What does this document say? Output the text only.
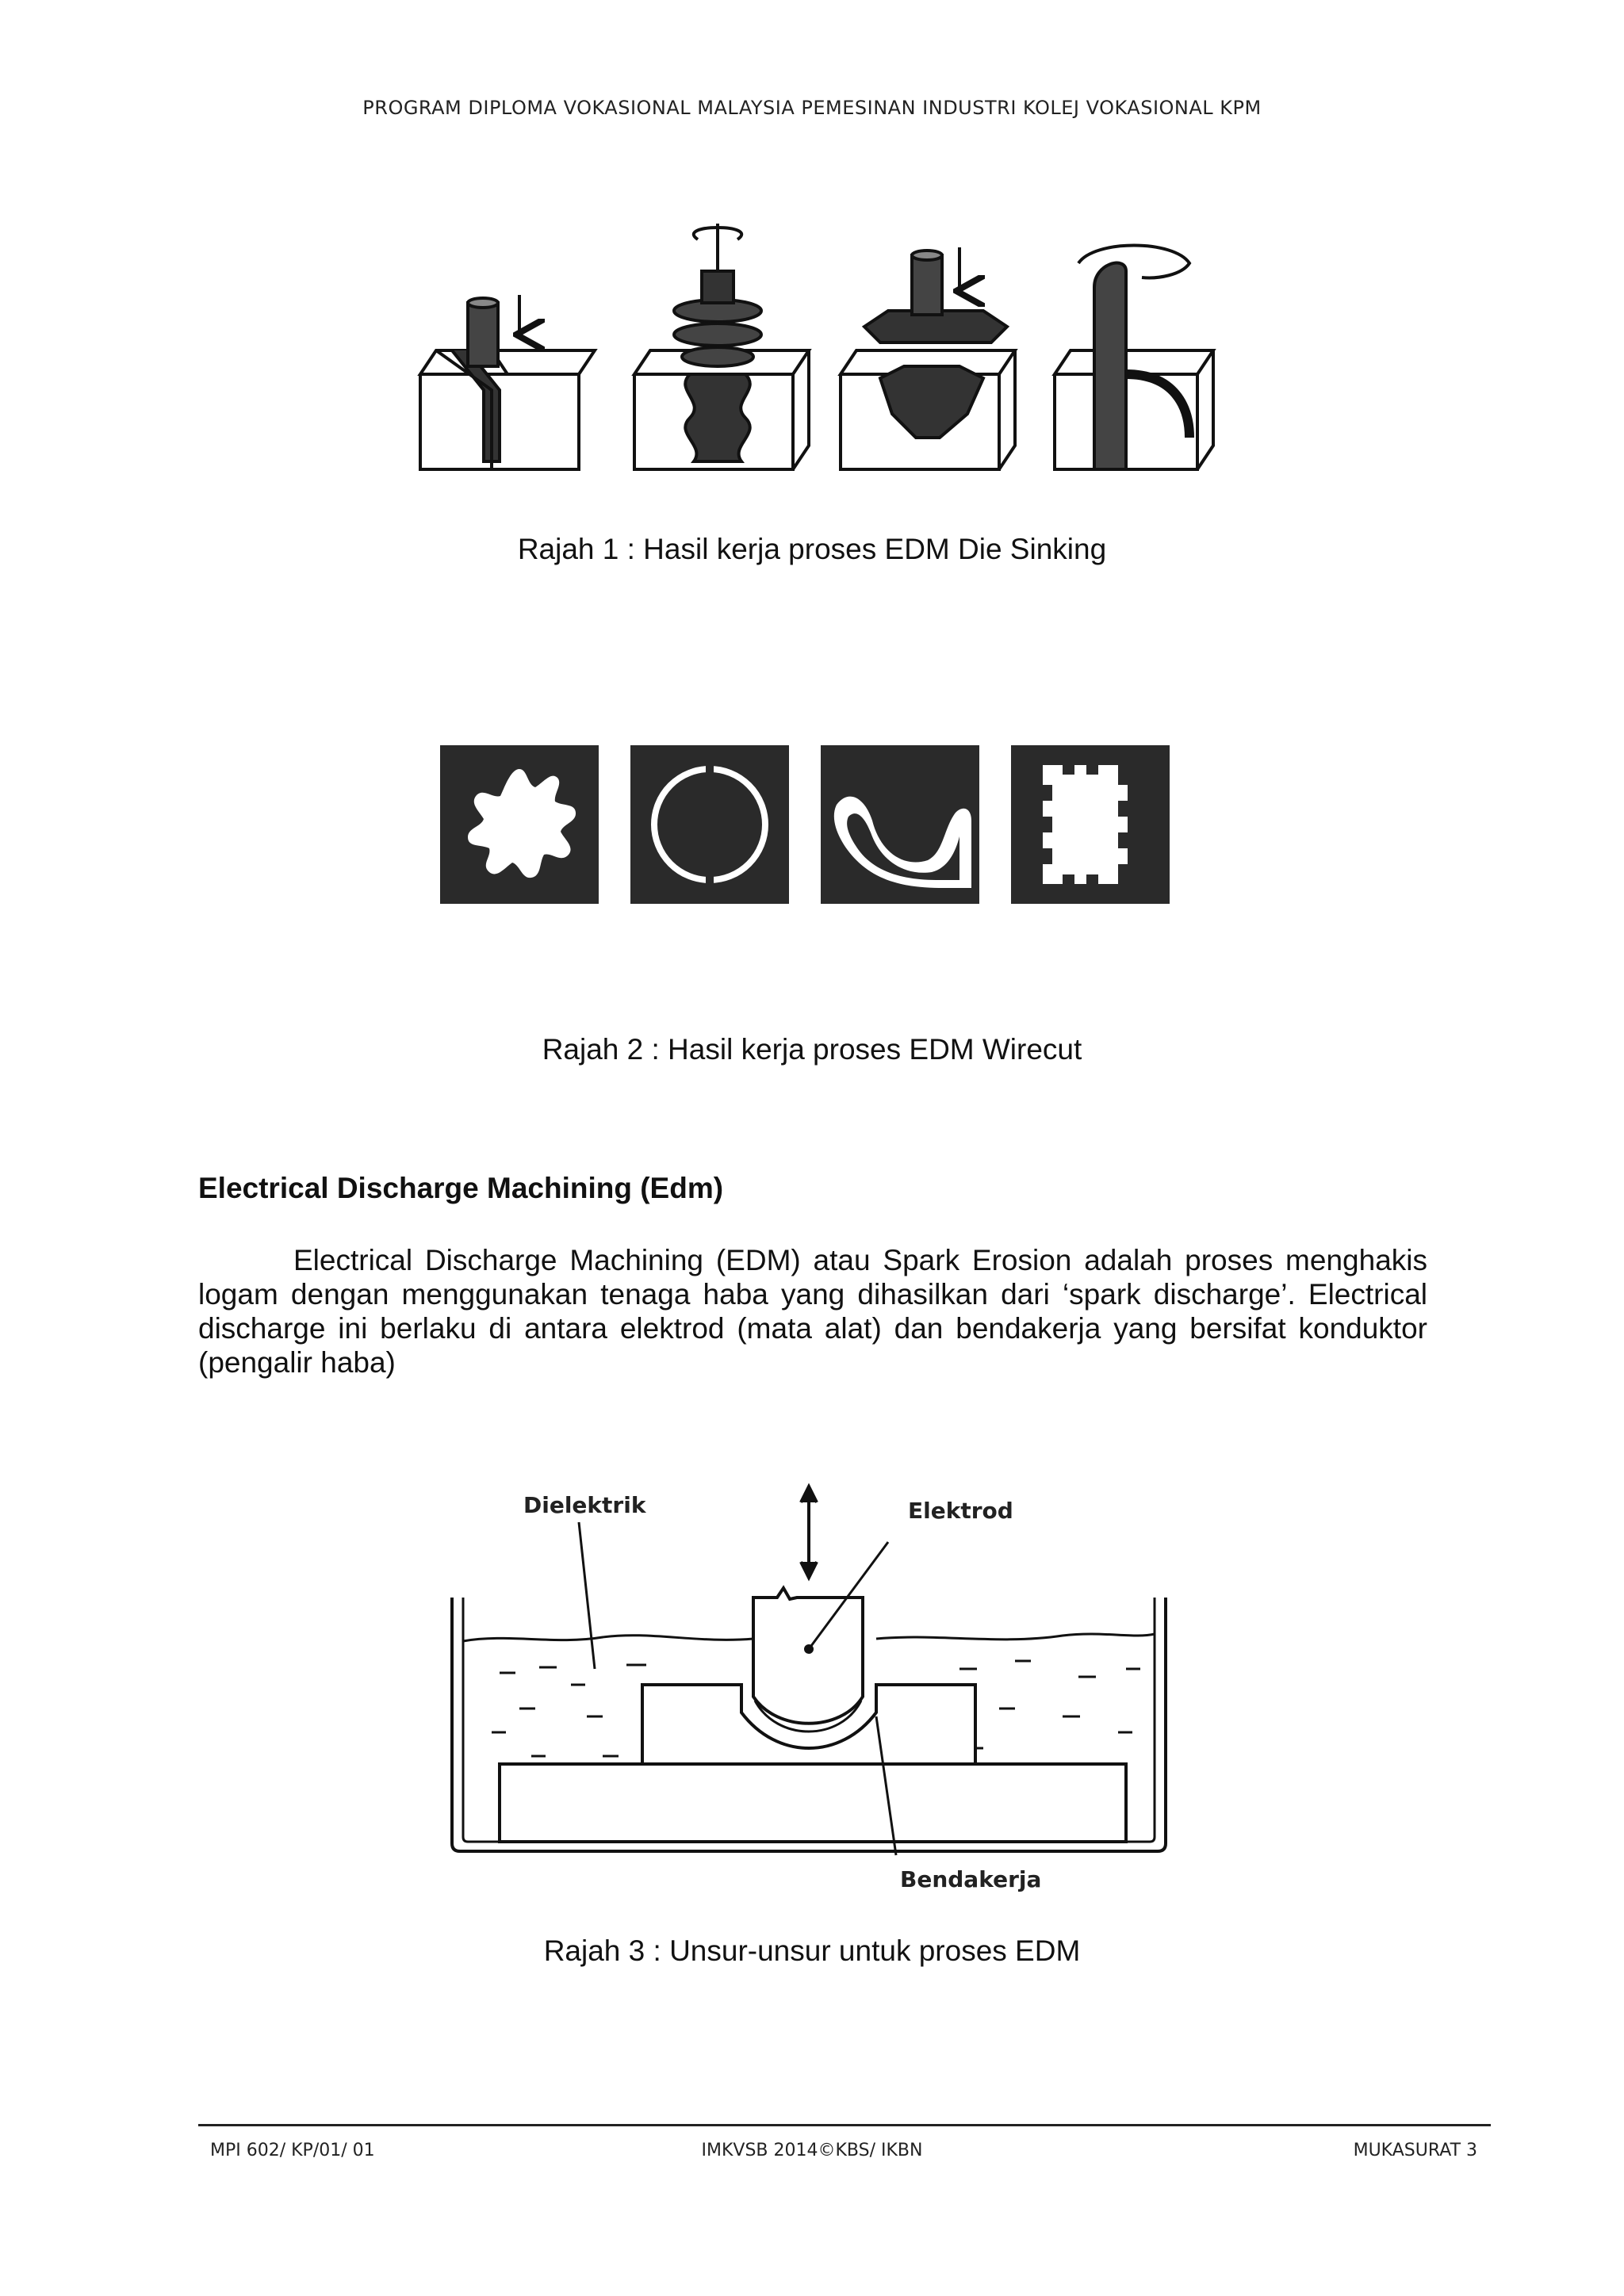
PROGRAM DIPLOMA VOKASIONAL MALAYSIA PEMESINAN INDUSTRI KOLEJ VOKASIONAL KPM
Rajah 1 : Hasil kerja proses EDM Die Sinking
Rajah 2 : Hasil kerja proses EDM Wirecut
Electrical Discharge Machining (Edm)
Electrical Discharge Machining (EDM) atau Spark Erosion adalah proses menghakis logam dengan menggunakan tenaga haba yang dihasilkan dari ‘spark discharge’. Electrical discharge ini berlaku di antara elektrod (mata alat) dan bendakerja yang bersifat konduktor (pengalir haba)
Dielektrik	Elektrod
Bendakerja
Rajah 3 : Unsur-unsur untuk proses EDM
MPI 602/ KP/01/ 01	IMKVSB 2014©KBS/ IKBN	MUKASURAT 3
